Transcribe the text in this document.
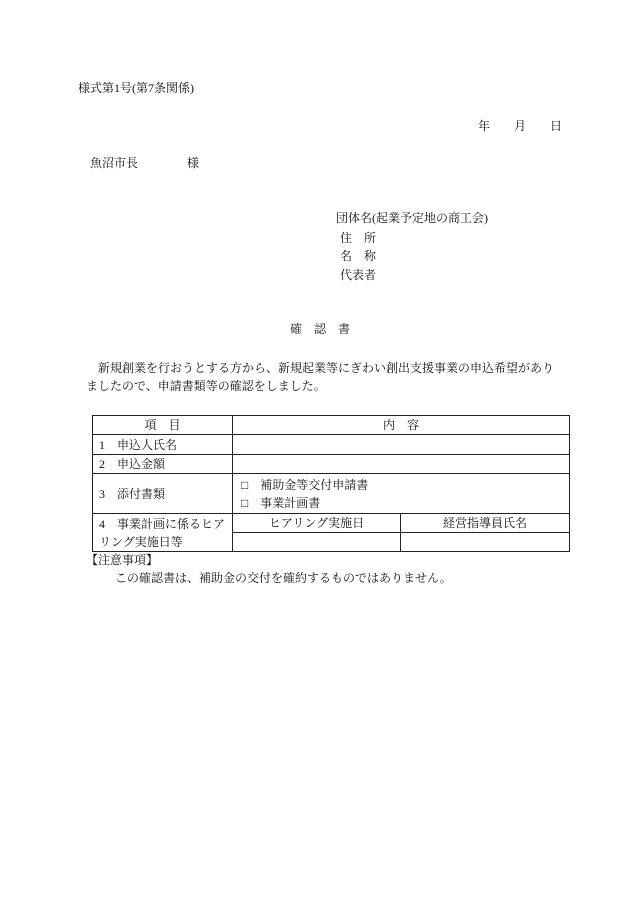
様式第1号(第7条関係)
年 月 日
魚沼市長	様
団体名(起業予定地の商工会)
住　所
名　称
代表者
確　認　書
新規創業を行おうとする方から、新規起業等にぎわい創出支援事業の申込希望があり
ましたので、申請書類等の確認をしました。
項　目	内　容	
1　申込人氏名		
2　申込金額		
3　添付書類	□ 補助金等交付申請書
□ 事業計画書	

4　事業計画に係るヒア
リング実施日等	ヒアリング実施日	経営指導員氏名

【注意事項】
この確認書は、補助金の交付を確約するものではありません。
